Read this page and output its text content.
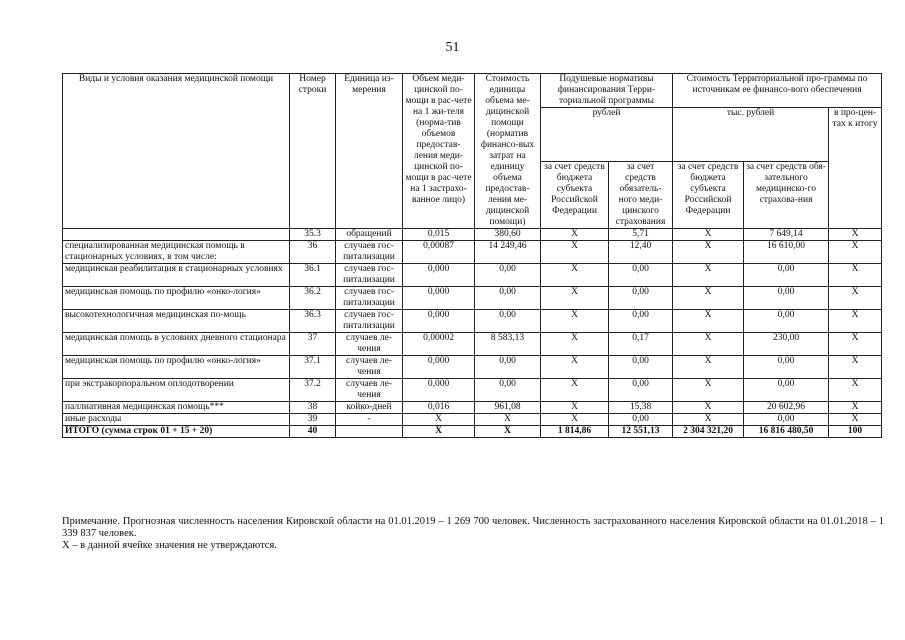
51
Виды и условия оказания медицинской помощи	Номер строки	Единица из-мерения	Объем меди-цинской по-мощи в рас-чете на 1 жи-теля (норма-тив объемов предостав-ления меди-цинской по-мощи в рас-чете на 1 застрахо-ванное лицо)	Стоимость единицы объема ме-дицинской помощи (норматив финансо-вых затрат на единицу объема предостав-ления ме-дицинской помощи)	Подушевые нормативы финансирования Терри-ториальной программы		Стоимость Территориальной про-граммы по источникам ее финансо-вого обеспечения		
					рублей		тыс. рублей		в про-цен-тах к итогу
					за счет средств бюджета субъекта Российской Федерации	за счет средств обязатель-ного меди-цинского страхования	за счет средств бюджета субъекта Российской Федерации	за счет средств обя-зательного медицинско-го страхова-ния	
	35.3	обращений	0,015	380,60	X	5,71	X	7 649,14	X
специализированная медицинская помощь в стационарных условиях, в том числе:	36	случаев гос-питализации	0,00087	14 249,46	X	12,40	X	16 610,00	X
медицинская реабилитация в стационарных условиях	36.1	случаев гос-питализации	0,000	0,00	X	0,00	X	0,00	X
медицинская помощь по профилю «онко-логия»	36.2	случаев гос-питализации	0,000	0,00	X	0,00	X	0,00	X
высокотехнологичная медицинская по-мощь	36.3	случаев гос-питализации	0,000	0,00	X	0,00	X	0,00	X
медицинская помощь в условиях дневного стационара	37	случаев ле-чения	0,00002	8 583,13	X	0,17	X	230,00	X
медицинская помощь по профилю «онко-логия»	37.1	случаев ле-чения	0,000	0,00	X	0,00	X	0,00	X
при экстракорпоральном оплодотворении	37.2	случаев ле-чения	0,000	0,00	X	0,00	X	0,00	X
паллиативная медицинская помощь***	38	койко-дней	0,016	961,08	X	15,38	X	20 602,96	X
иные расходы	39	-	X	X	X	0,00	X	0,00	X
ИТОГО (сумма строк 01 + 15 + 20)	40		X	X	1 814,86	12 551,13	2 304 321,20	16 816 480,50	100

Примечание. Прогнозная численность населения Кировской области на 01.01.2019 – 1 269 700 человек. Численность застрахованного населения Кировской области на 01.01.2018 – 1 339 837 человек.

X – в данной ячейке значения не утверждаются.
